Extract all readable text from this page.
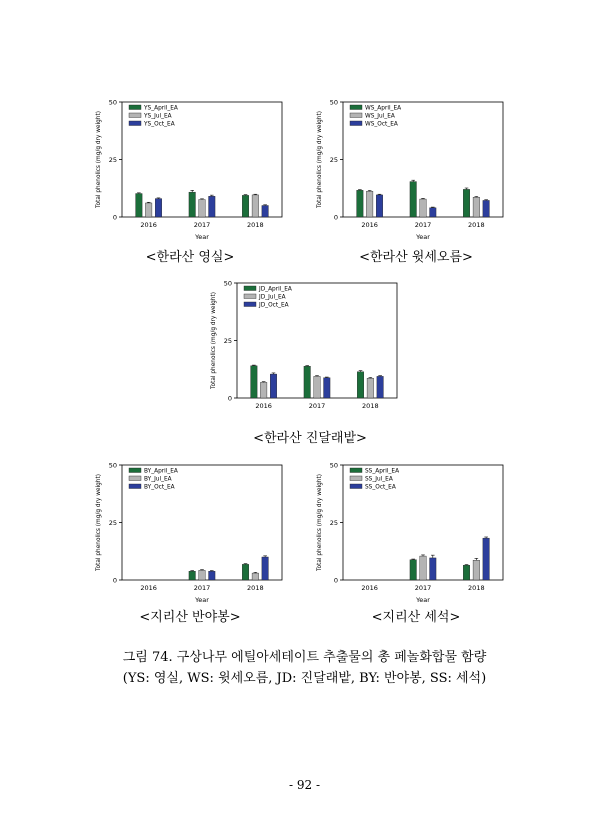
0
25
50
Total phenolics (mg/g dry weight)
2016	2017	2018
Year
YS_April_EA
YS_Jul_EA
YS_Oct_EA
0
25
50
Total phenolics (mg/g dry weight)
2016	2017	2018
Year
WS_April_EA
WS_Jul_EA
WS_Oct_EA
0
25
50
Total phenolics (mg/g dry weight)
2016	2017	2018
JD_April_EA
JD_Jul_EA
JD_Oct_EA
0
25
50
Total phenolics (mg/g dry weight)
2016	2017	2018
Year
BY_April_EA
BY_Jul_EA
BY_Oct_EA
0
25
50
Total phenolics (mg/g dry weight)
2016	2017	2018
Year
SS_April_EA
SS_Jul_EA
SS_Oct_EA
<한라산 영실>	<한라산 윗세오름>
<한라산 진달래밭>
<지리산 반야봉>	<지리산 세석>
그림 74. 구상나무 에틸아세테이트 추출물의 총 페놀화합물 함량
(YS: 영실, WS: 윗세오름, JD: 진달래밭, BY: 반야봉, SS: 세석)
- 92 -
